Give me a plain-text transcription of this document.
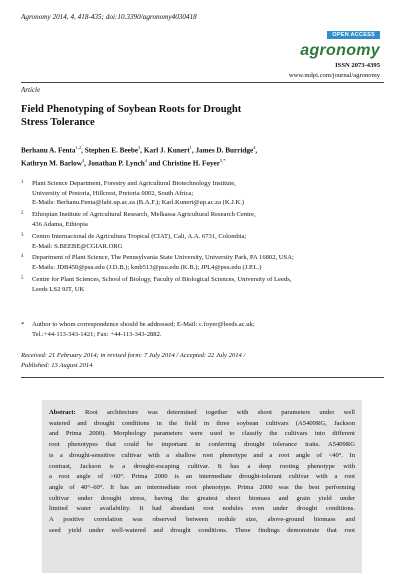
Agronomy 2014, 4, 418-435; doi:10.3390/agronomy4030418
OPEN ACCESS
agronomy
ISSN 2073-4395
www.mdpi.com/journal/agronomy
Article
Field Phenotyping of Soybean Roots for Drought
Stress Tolerance
Berhanu A. Fenta$^{1,2}$, Stephen E. Beebe$^3$, Karl J. Kunert$^1$, James D. Burridge$^4$,
Kathryn M. Barlow$^4$, Jonathan P. Lynch$^4$ and Christine H. Foyer$^{5,*}$
1 Plant Science Department, Forestry and Agricultural Biotechnology Institute,
University of Pretoria, Hillcrest, Pretoria 0002, South Africa;
E-Mails: Berhanu.Fenta@fabi.up.ac.za (B.A.F.); Karl.Kunert@up.ac.za (K.J.K.)
2 Ethiopian Institute of Agricultural Research, Melkassa Agricultural Research Centre,
436 Adama, Ethiopia
3 Centro Internacional de Agricultura Tropical (CIAT), Cali, A.A. 6731, Colombia;
E-Mail: S.BEEBE@CGIAR.ORG
4 Department of Plant Science, The Pennsylvania State University, University Park, PA 16802, USA;
E-Mails: JDB450@psu.edu (J.D.B.); kmb513@psu.edu (K.B.); JPL4@psu.edu (J.P.L.)
5 Centre for Plant Sciences, School of Biology, Faculty of Biological Sciences, University of Leeds,
Leeds LS2 9JT, UK
* Author to whom correspondence should be addressed; E-Mail: c.foyer@leeds.ac.uk;
Tel.:+44-113-343-1421; Fax: +44-113-343-2882.
Received: 21 February 2014; in revised form: 7 July 2014 / Accepted: 22 July 2014 /
Published: 13 August 2014
Abstract: Root architecture was determined together with shoot parameters under well
watered and drought conditions in the field in three soybean cultivars (A5409RG, Jackson
and Prima 2000). Morphology parameters were used to classify the cultivars into different
root phenotypes that could be important in conferring drought tolerance traits. A5409RG
is a drought-sensitive cultivar with a shallow root phenotype and a root angle of <40°. In
contrast, Jackson is a drought-escaping cultivar. It has a deep rooting phenotype with
a root angle of >60°. Prima 2000 is an intermediate drought-tolerant cultivar with a root
angle of 40°–60°. It has an intermediate root phenotype. Prima 2000 was the best performing
cultivar under drought stress, having the greatest shoot biomass and grain yield under
limited water availability. It had abundant root nodules even under drought conditions.
A positive correlation was observed between nodule size, above-ground biomass and
seed yield under well-watered and drought conditions. These findings demonstrate that root
